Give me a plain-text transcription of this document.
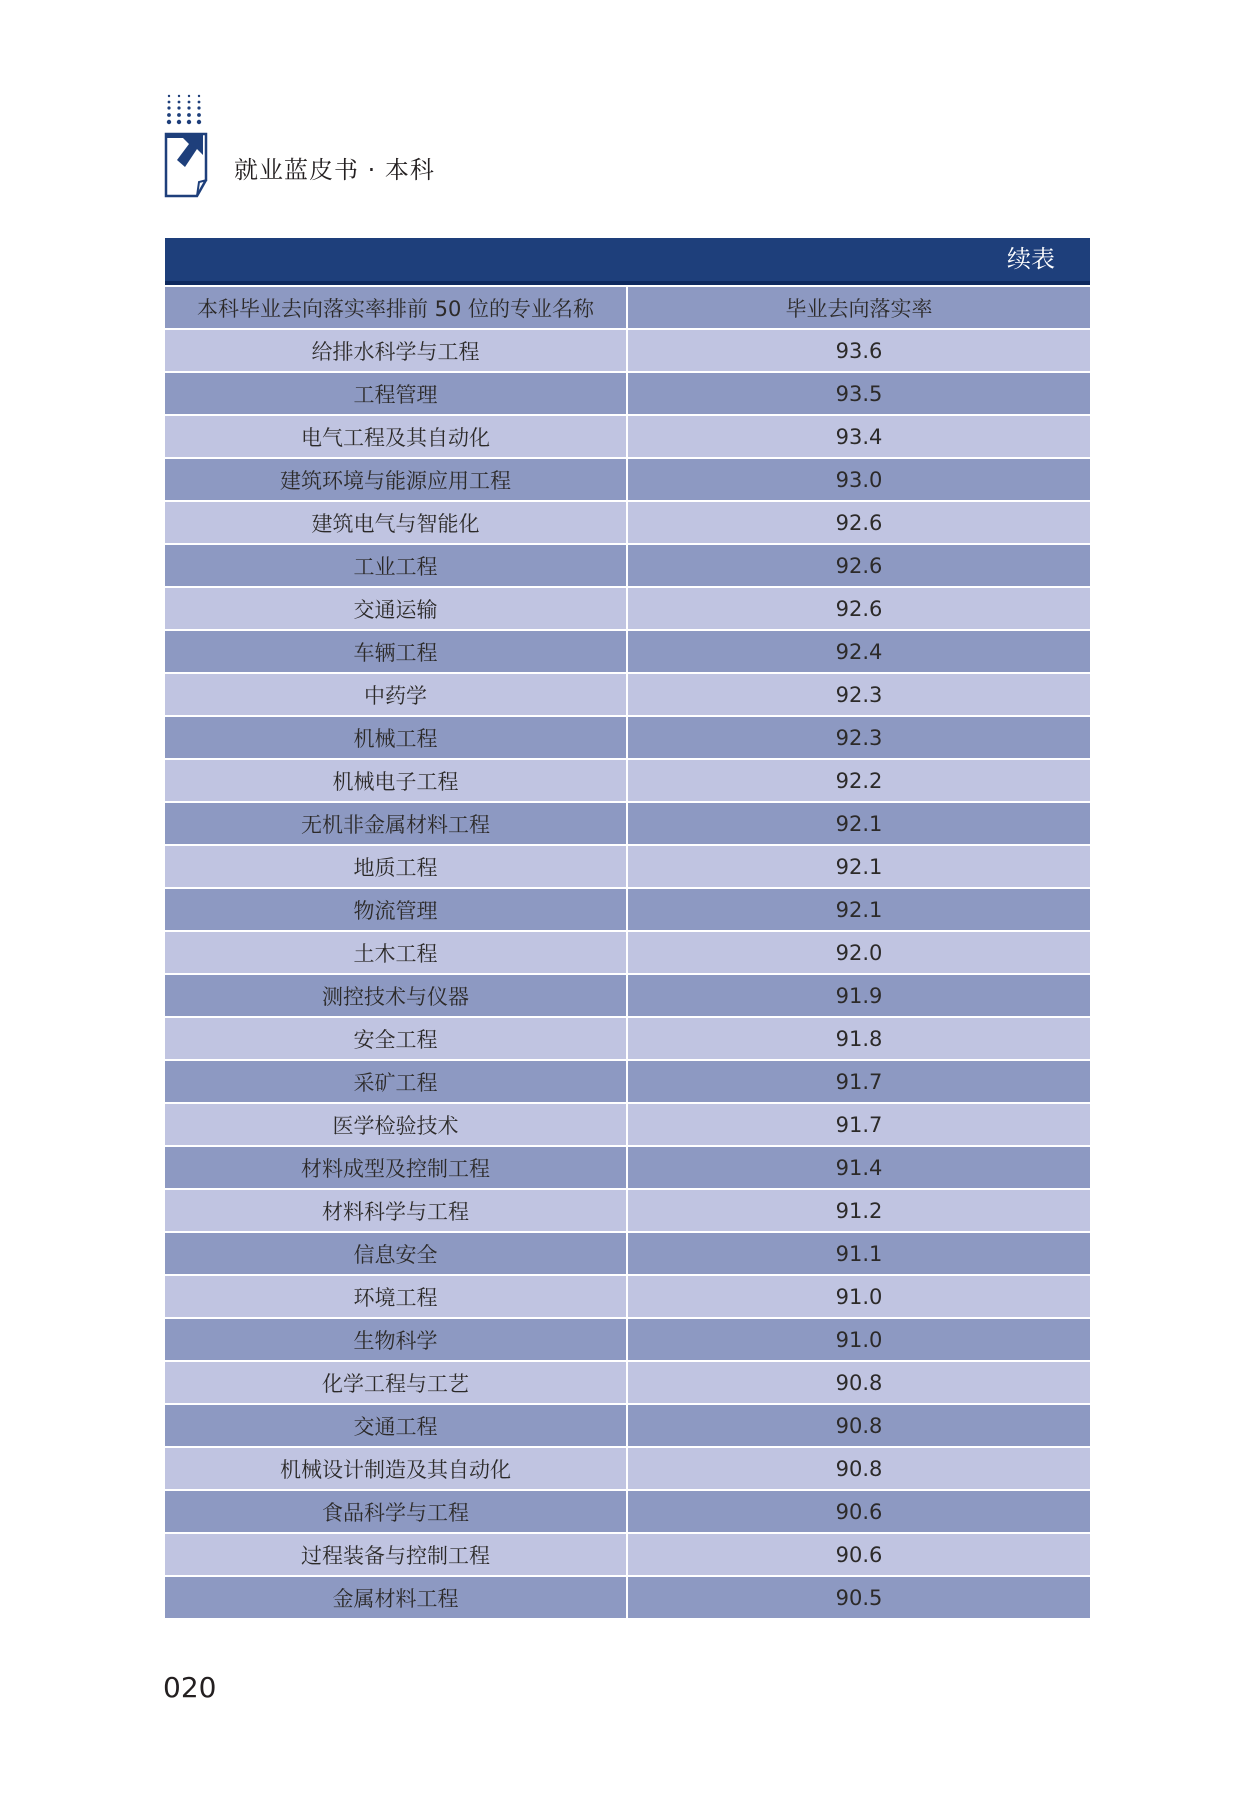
就业蓝皮书 · 本科
续表
本科毕业去向落实率排前 50 位的专业名称	毕业去向落实率
给排水科学与工程	93.6
工程管理	93.5
电气工程及其自动化	93.4
建筑环境与能源应用工程	93.0
建筑电气与智能化	92.6
工业工程	92.6
交通运输	92.6
车辆工程	92.4
中药学	92.3
机械工程	92.3
机械电子工程	92.2
无机非金属材料工程	92.1
地质工程	92.1
物流管理	92.1
土木工程	92.0
测控技术与仪器	91.9
安全工程	91.8
采矿工程	91.7
医学检验技术	91.7
材料成型及控制工程	91.4
材料科学与工程	91.2
信息安全	91.1
环境工程	91.0
生物科学	91.0
化学工程与工艺	90.8
交通工程	90.8
机械设计制造及其自动化	90.8
食品科学与工程	90.6
过程装备与控制工程	90.6
金属材料工程	90.5
020
